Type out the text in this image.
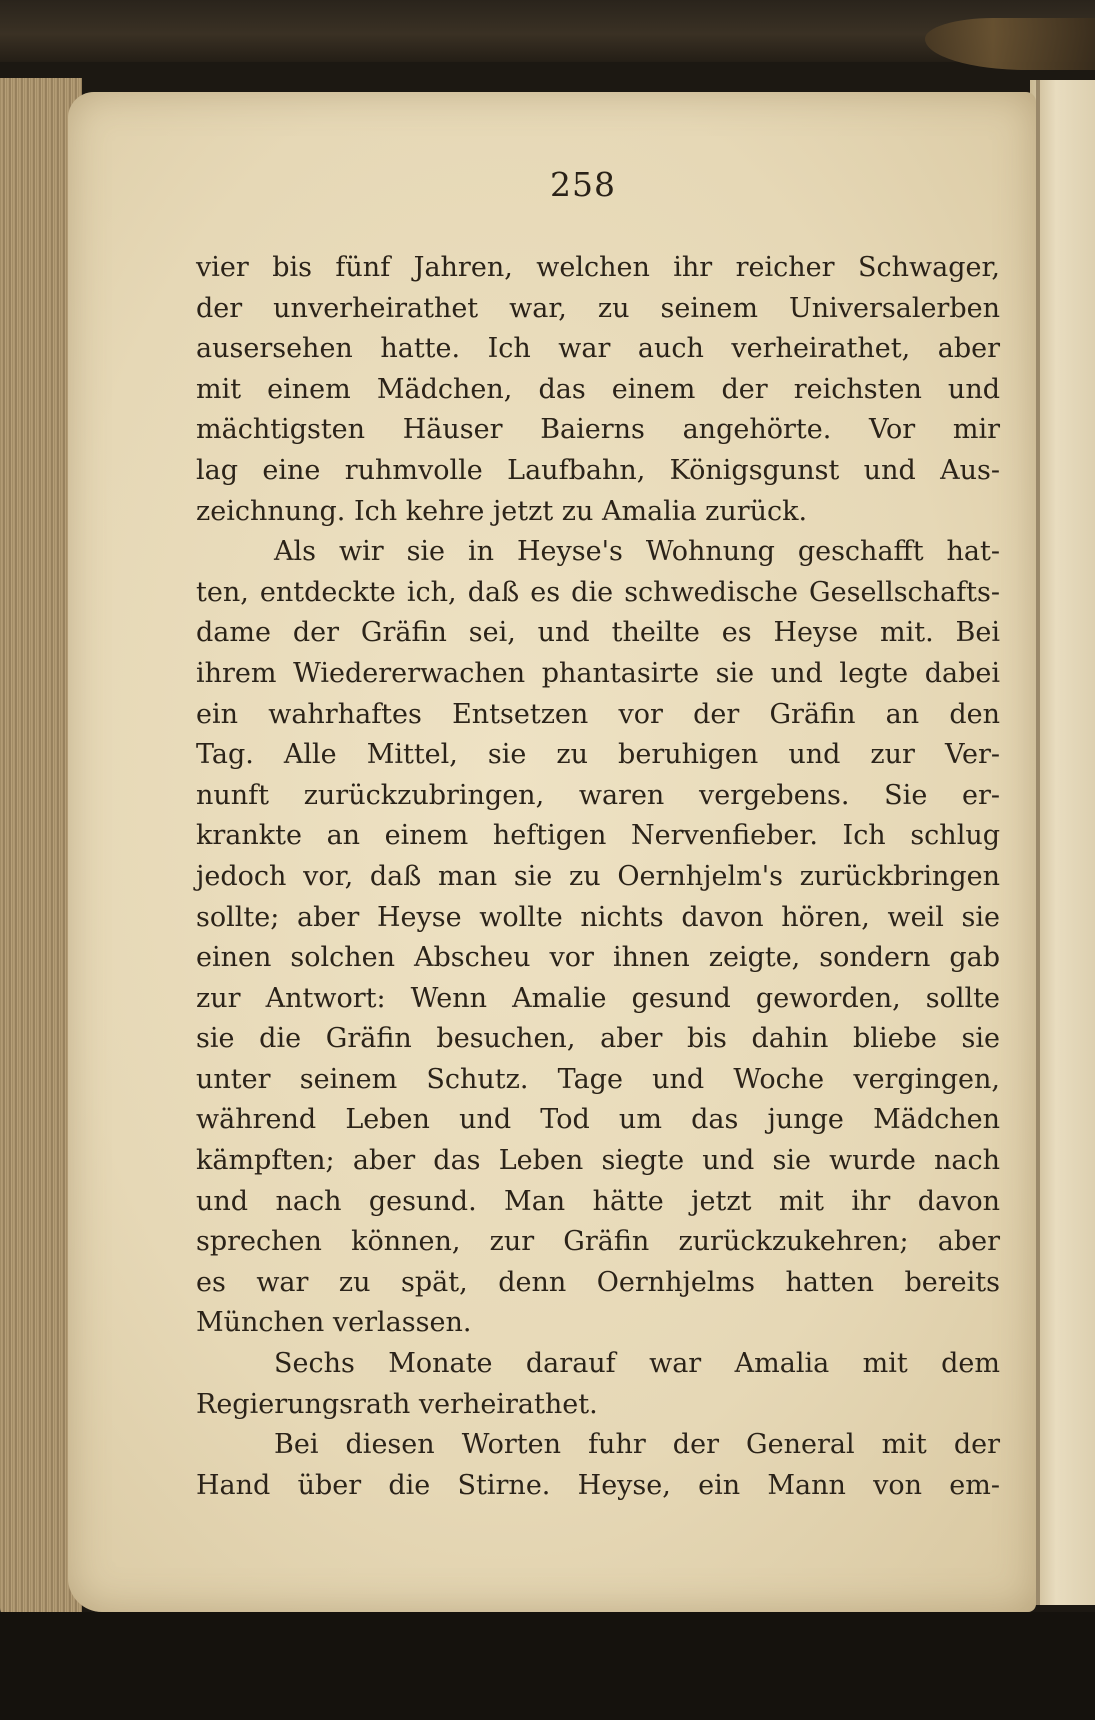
258
vier bis fünf Jahren, welchen ihr reicher Schwager,
der unverheirathet war, zu seinem Universalerben
ausersehen hatte. Ich war auch verheirathet, aber
mit einem Mädchen, das einem der reichsten und
mächtigsten Häuser Baierns angehörte. Vor mir
lag eine ruhmvolle Laufbahn, Königsgunst und Aus-
zeichnung. Ich kehre jetzt zu Amalia zurück.
Als wir sie in Heyse's Wohnung geschafft hat-
ten, entdeckte ich, daß es die schwedische Gesellschafts-
dame der Gräfin sei, und theilte es Heyse mit. Bei
ihrem Wiedererwachen phantasirte sie und legte dabei
ein wahrhaftes Entsetzen vor der Gräfin an den
Tag. Alle Mittel, sie zu beruhigen und zur Ver-
nunft zurückzubringen, waren vergebens. Sie er-
krankte an einem heftigen Nervenfieber. Ich schlug
jedoch vor, daß man sie zu Oernhjelm's zurückbringen
sollte; aber Heyse wollte nichts davon hören, weil sie
einen solchen Abscheu vor ihnen zeigte, sondern gab
zur Antwort: Wenn Amalie gesund geworden, sollte
sie die Gräfin besuchen, aber bis dahin bliebe sie
unter seinem Schutz. Tage und Woche vergingen,
während Leben und Tod um das junge Mädchen
kämpften; aber das Leben siegte und sie wurde nach
und nach gesund. Man hätte jetzt mit ihr davon
sprechen können, zur Gräfin zurückzukehren; aber
es war zu spät, denn Oernhjelms hatten bereits
München verlassen.
Sechs Monate darauf war Amalia mit dem
Regierungsrath verheirathet.
Bei diesen Worten fuhr der General mit der
Hand über die Stirne. Heyse, ein Mann von em-
